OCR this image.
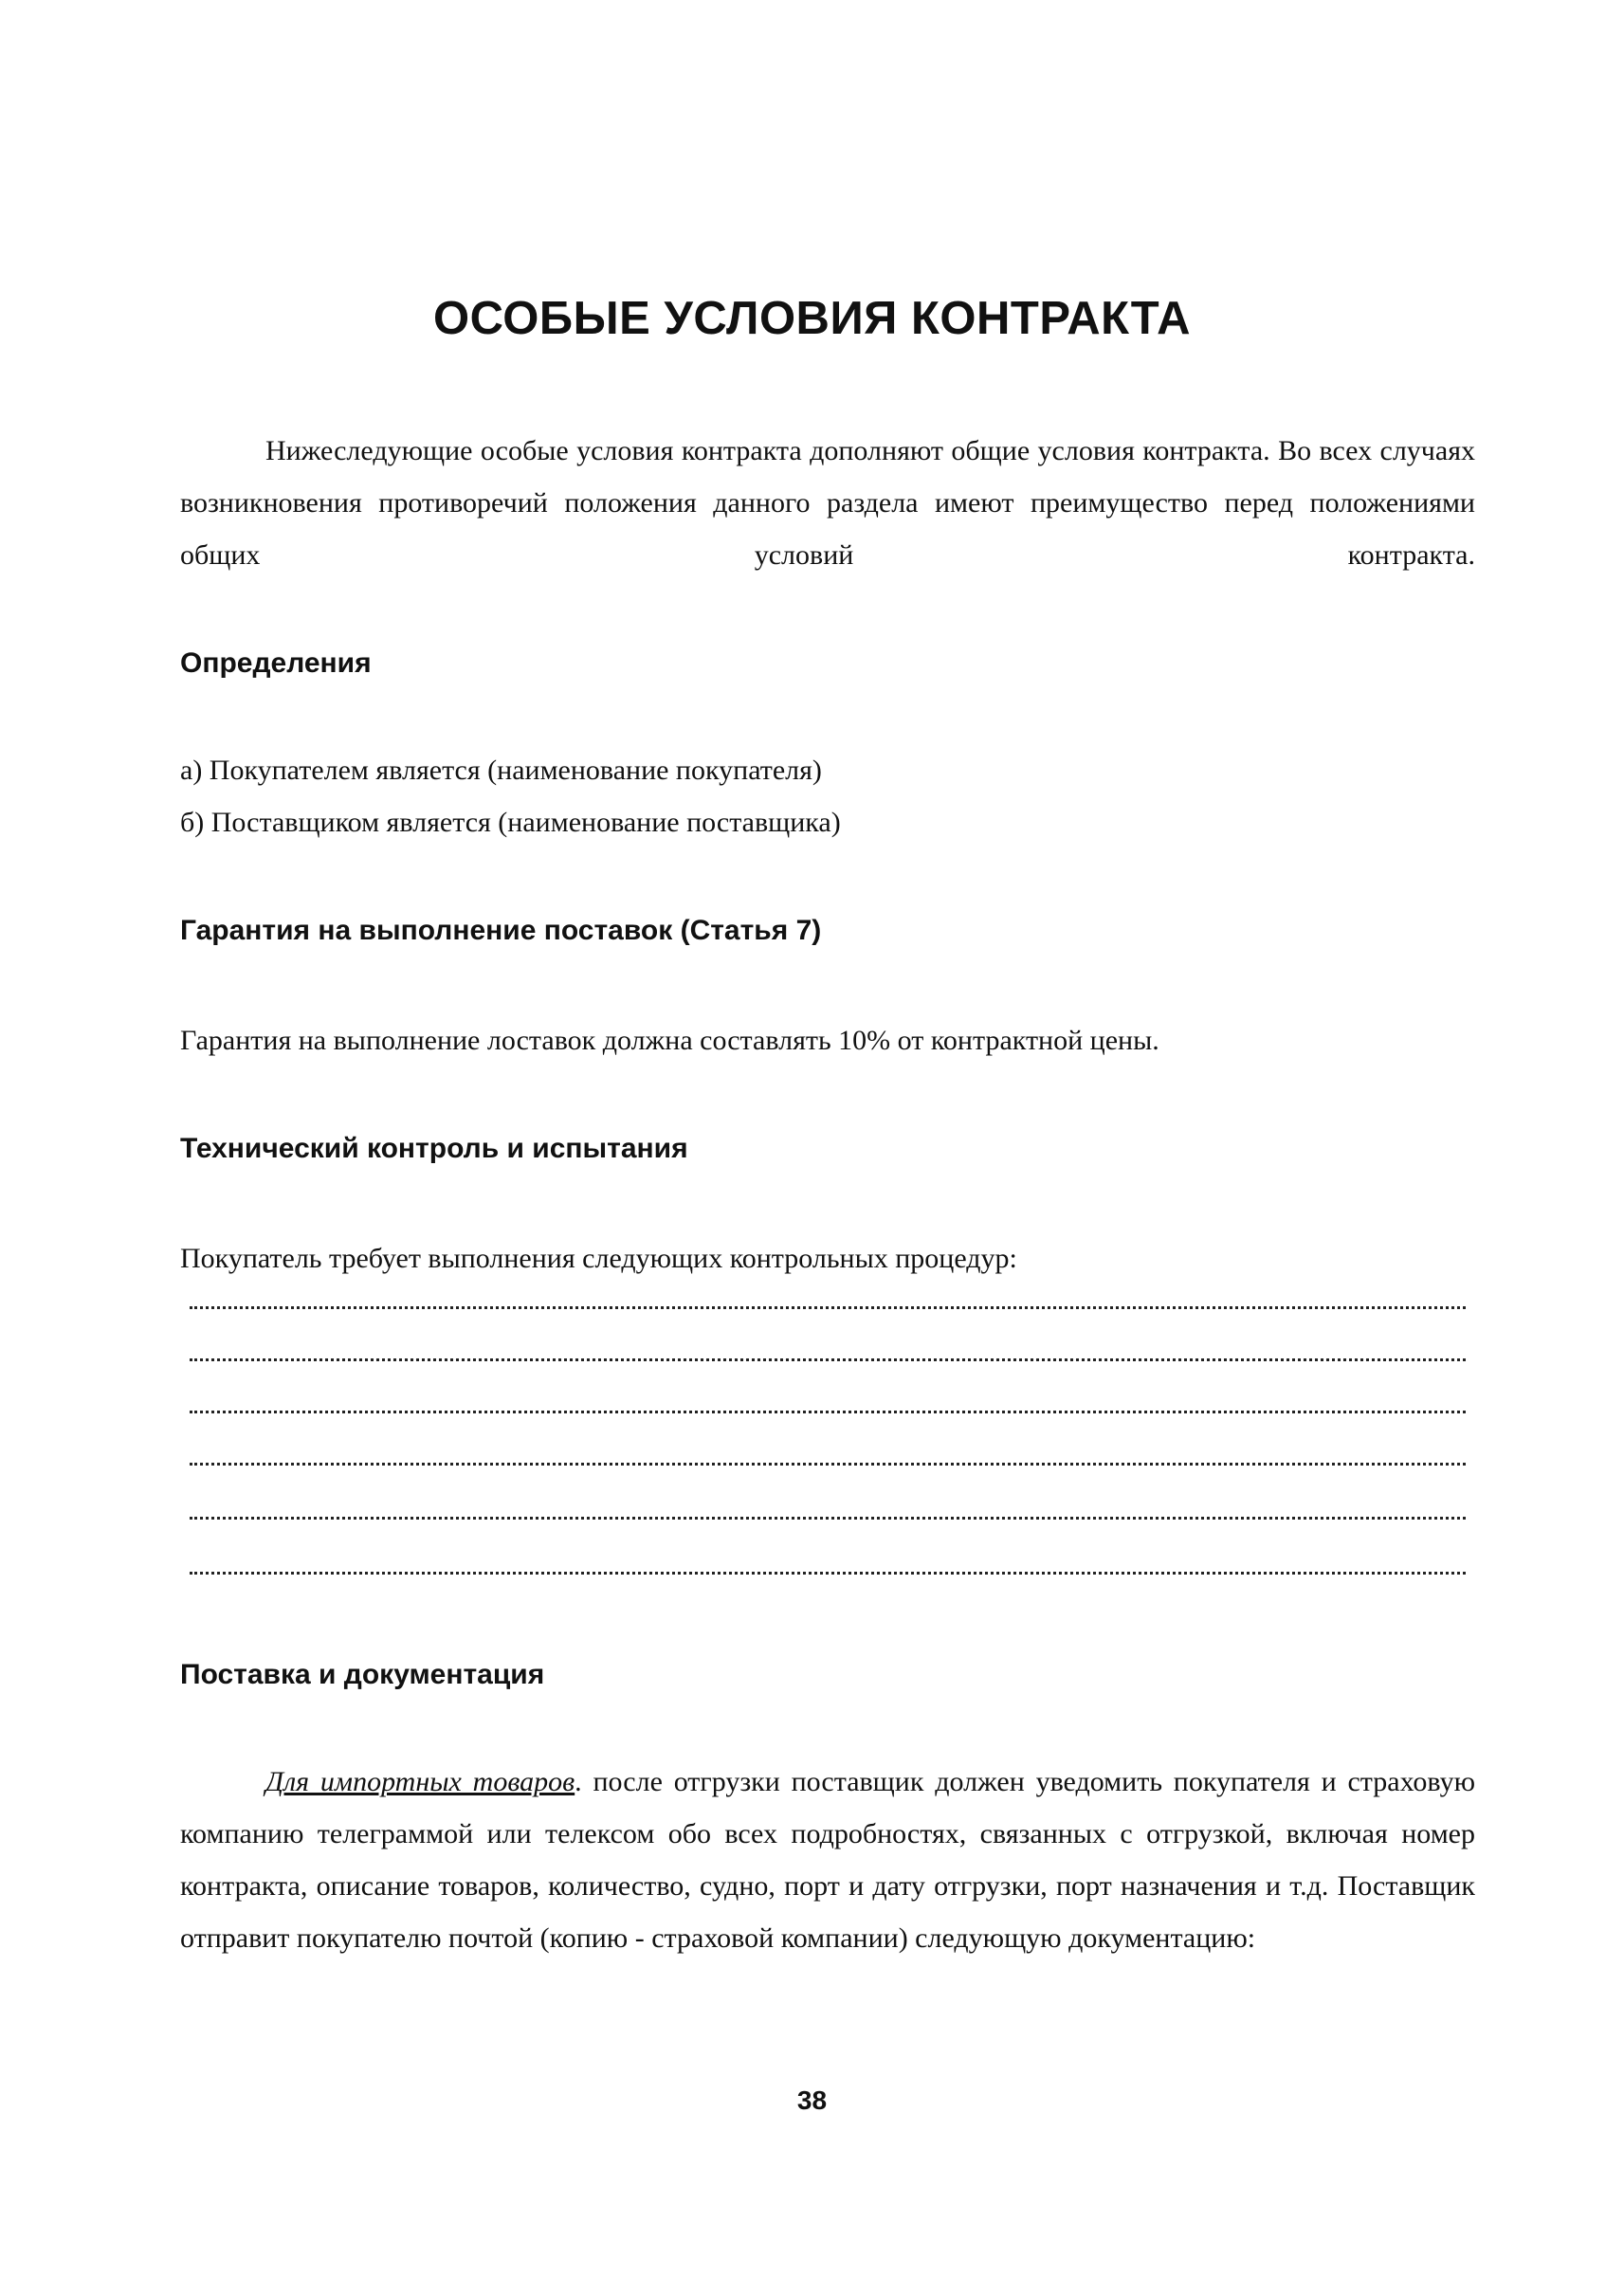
ОСОБЫЕ УСЛОВИЯ КОНТРАКТА
Нижеследующие особые условия контракта дополняют общие условия контракта. Во всех случаях возникновения противоречий положения данного раздела имеют преимущество перед положениями общих условий контракта.
Определения
а) Покупателем является (наименование покупателя)
б) Поставщиком является (наименование поставщика)
Гарантия на выполнение поставок (Статья 7)
Гарантия на выполнение лоставок должна составлять 10% от контрактной цены.
Технический контроль и испытания
Покупатель требует выполнения следующих контрольных процедур:
Поставка и документация
Для импортных товаров. после отгрузки поставщик должен уведомить покупателя и страховую компанию телеграммой или телексом обо всех подробностях, связанных с отгрузкой, включая номер контракта, описание товаров, количество, судно, порт и дату отгрузки, порт назначения и т.д. Поставщик отправит покупателю почтой (копию - страховой компании) следующую документацию:
38
